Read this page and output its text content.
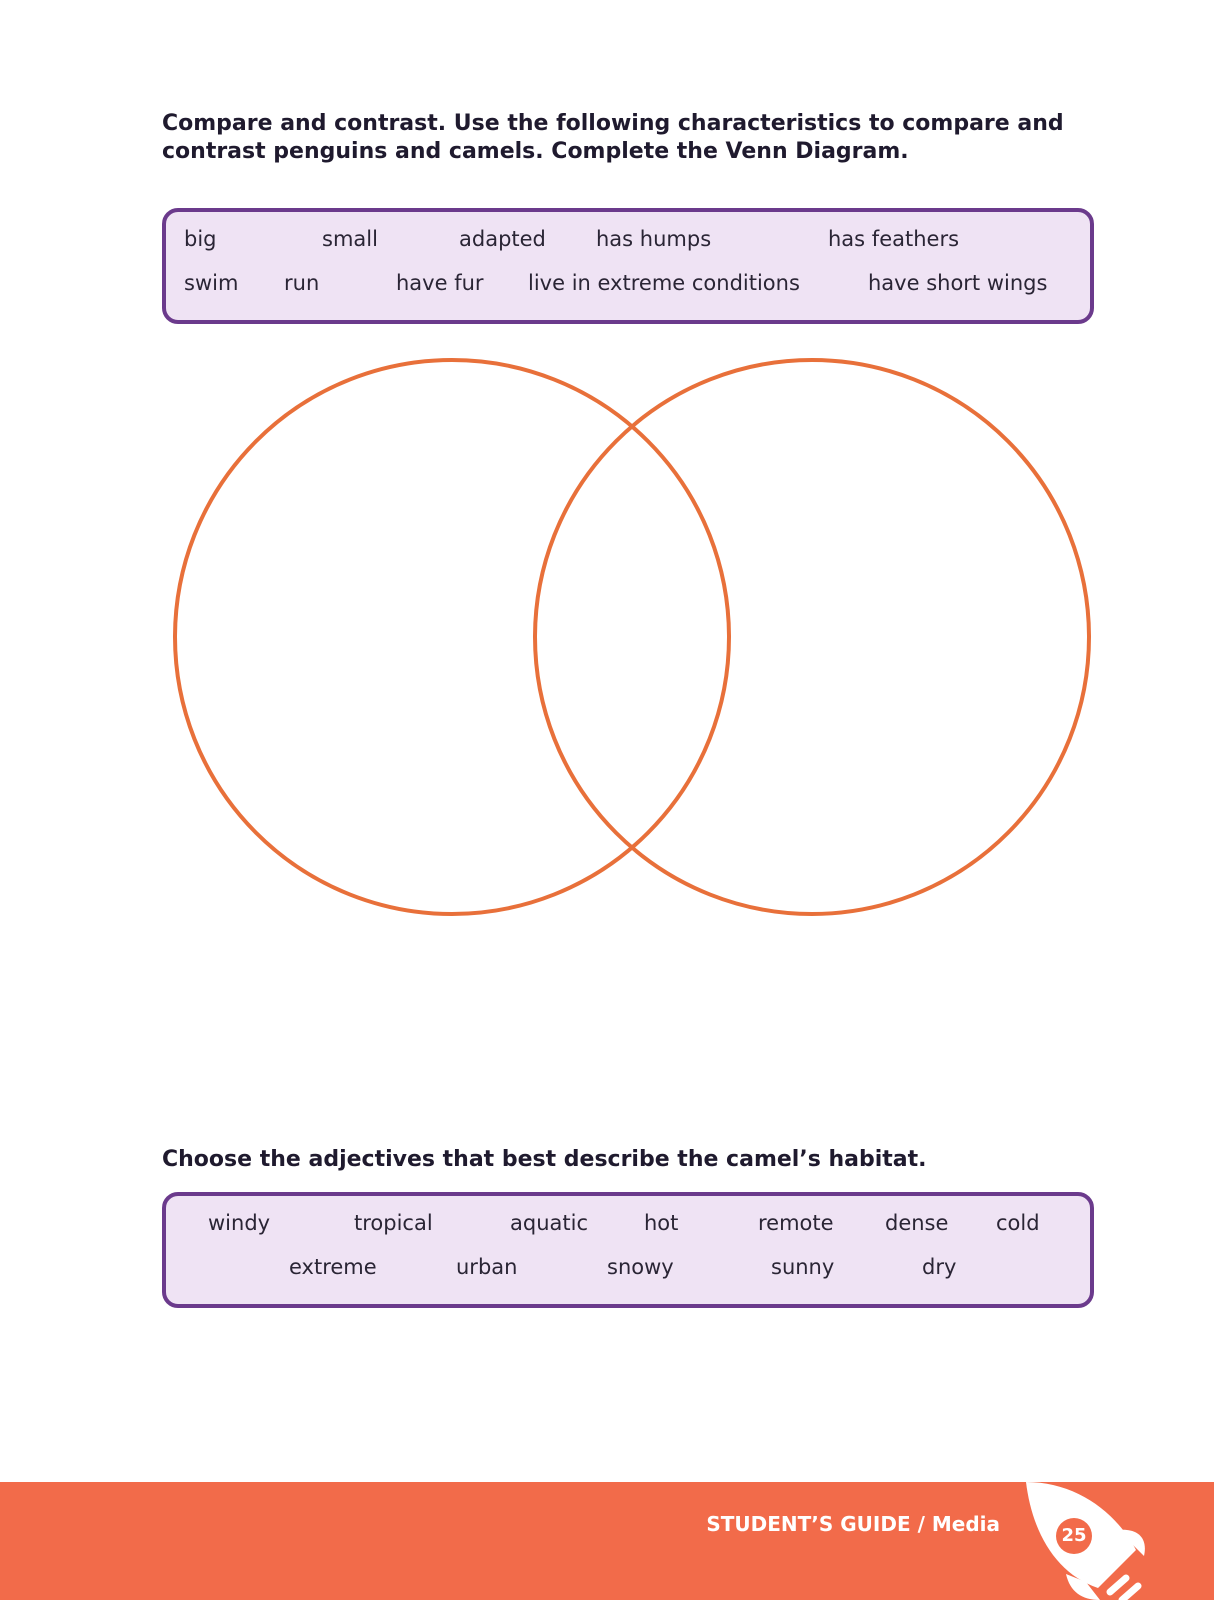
Compare and contrast. Use the following characteristics to compare and contrast penguins and camels. Complete the Venn Diagram.

big	small	adapted has humps	has feathers
swim run	have fur live in extreme conditions	have short wings

Choose the adjectives that best describe the camel’s habitat.

windy	tropical	aquatic	hot	remote dense cold
extreme	urban	snowy	sunny	dry
STUDENT’S GUIDE / Media	25
